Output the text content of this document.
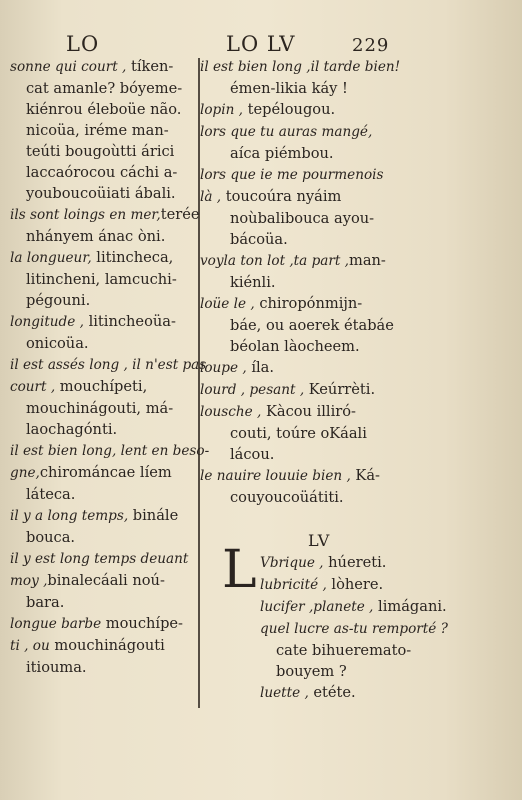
LO	LO LV	229
sonne qui court , tíken-
cat amanle? bóyeme-
kiénrou éleboüe não.
nicoüa, iréme man-
teúti bougoùtti árici
laccaórocou cáchi a-
youboucoüiati ábali.
ils sont loings en mer,terée
nhányem ánac òni.
la longueur, litincheca,
litincheni, lamcuchi-
pégouni.
longitude , litincheoüa-
onicoüa.
il est assés long , il n'est pas
court , mouchípeti,
mouchinágouti, má-
laochagónti.
il est bien long, lent en beso-
gne,chirománcae líem
láteca.
il y a long temps, binále
bouca.
il y est long temps deuant
moy ,binalecáali noú-
bara.
longue barbe mouchípe-
ti , ou mouchinágouti
itiouma.
il est bien long ,il tarde bien!
émen-likia káy !
lopin , tepélougou.
lors que tu auras mangé,
aíca piémbou.
lors que ie me pourmenois
là , toucoúra nyáim
noùbalibouca ayou-
bácoüa.
voyla ton lot ,ta part ,man-
kiénli.
loüe le , chiropónmijn-
báe, ou aoerek étabáe
béolan làocheem.
loupe , íla.
lourd , pesant , Keúrrèti.
lousche , Kàcou illiró-
couti, toúre oKáali
lácou.
le nauire louuie bien , Ká-
couyoucoüátiti.
LV
L Vbrique , húereti.
lubricité , lòhere.
lucifer ,planete , limágani.
quel lucre as-tu remporté ?
cate bihueremato-
bouyem ?
luette , etéte.
